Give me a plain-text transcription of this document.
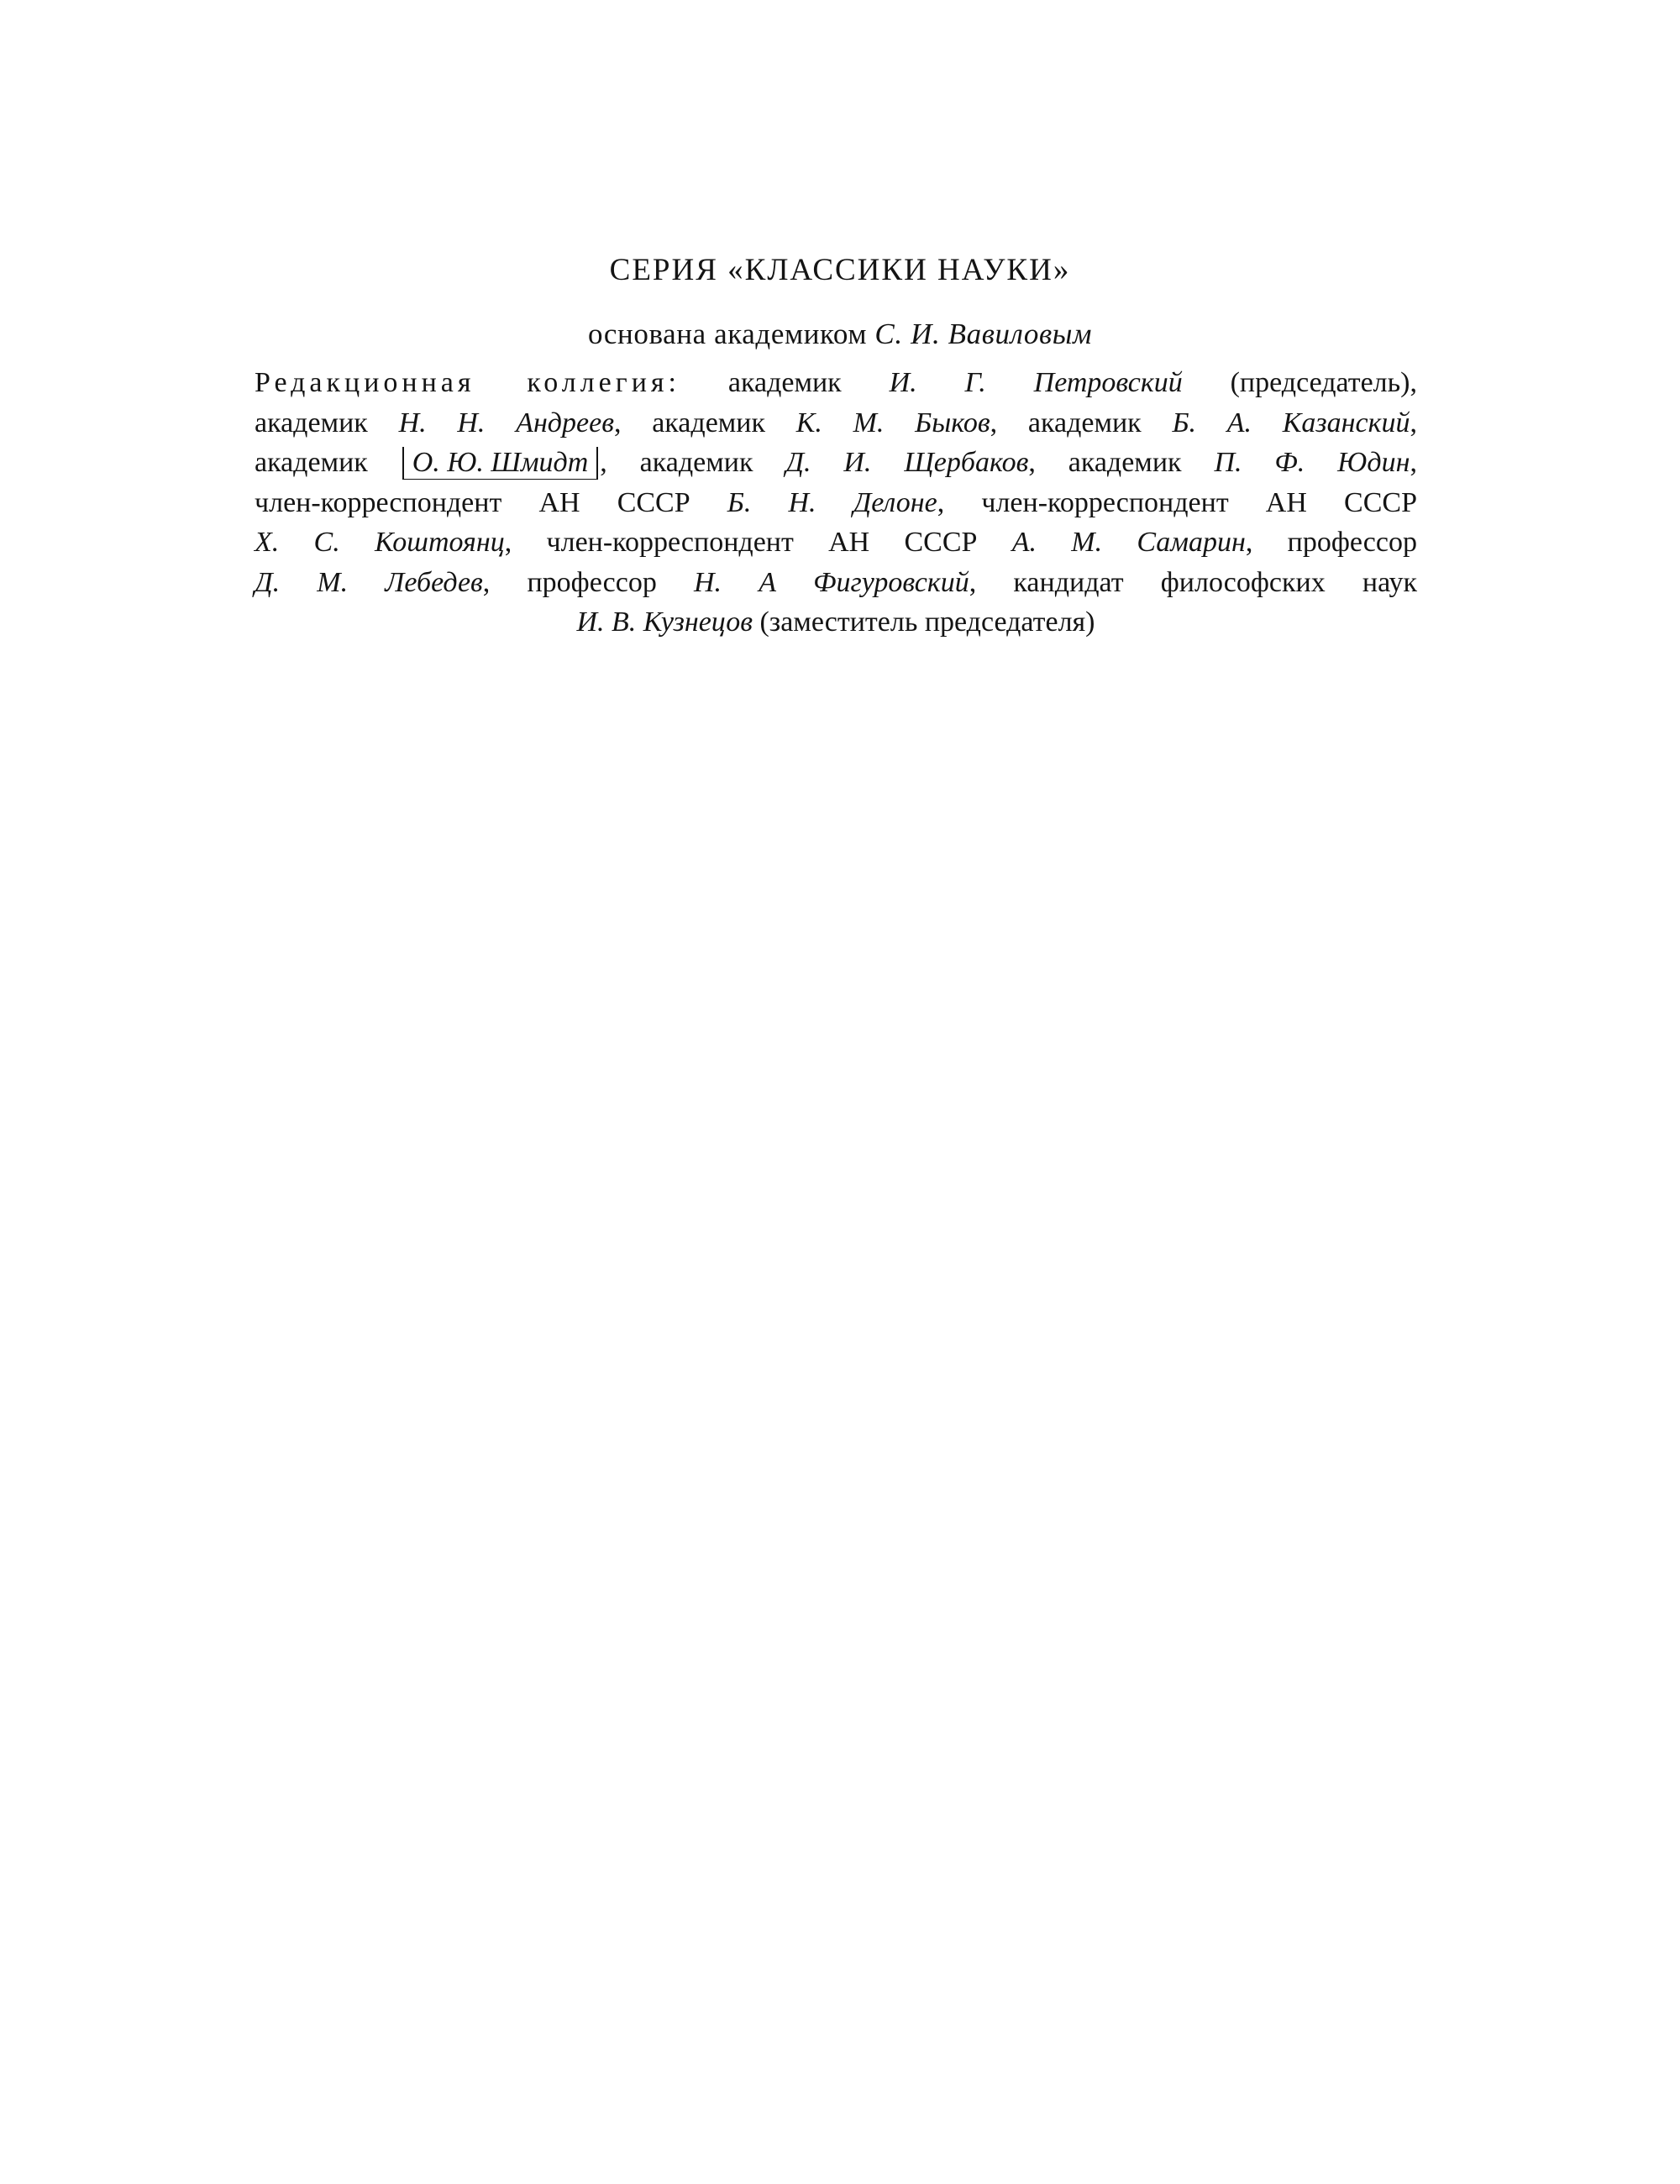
СЕРИЯ «КЛАССИКИ НАУКИ»
основана академиком С. И. Вавиловым
Редакционная коллегия: академик И. Г. Петровский (председатель),
академик Н. Н. Андреев, академик К. М. Быков, академик Б. А. Казанский,
академик О. Ю. Шмидт , академик Д. И. Щербаков, академик П. Ф. Юдин,
член-корреспондент АН СССР Б. Н. Делоне, член-корреспондент АН СССР
Х. С. Коштоянц, член-корреспондент АН СССР А. М. Самарин, профессор
Д. М. Лебедев, профессор Н. А Фигуровский, кандидат философских наук
И. В. Кузнецов (заместитель председателя)
